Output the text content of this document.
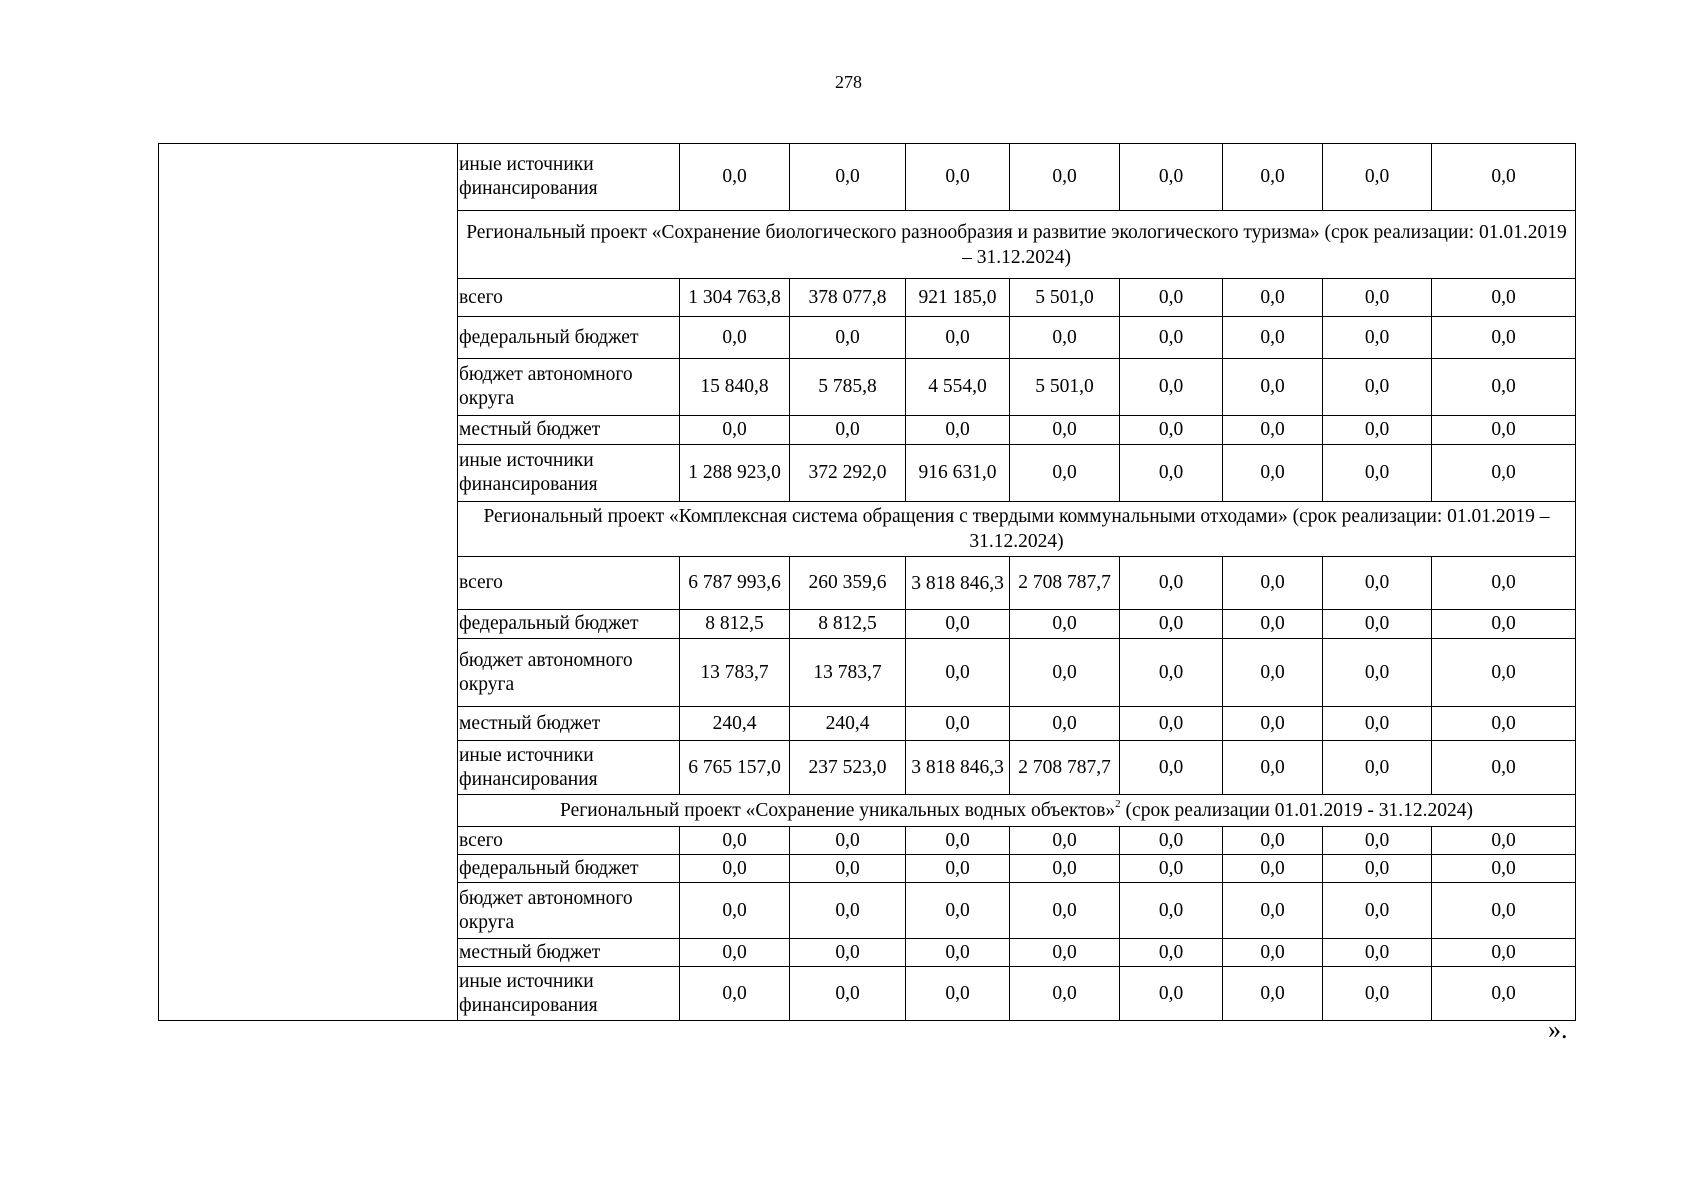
278
	иные источники финансирования	0,0	0,0	0,0	0,0	0,0	0,0	0,0	0,0
	Региональный проект «Сохранение биологического разнообразия и развитие экологического туризма» (срок реализации: 01.01.2019 – 31.12.2024)								
	всего	1 304 763,8	378 077,8	921 185,0	5 501,0	0,0	0,0	0,0	0,0
	федеральный бюджет	0,0	0,0	0,0	0,0	0,0	0,0	0,0	0,0
	бюджет автономного округа	15 840,8	5 785,8	4 554,0	5 501,0	0,0	0,0	0,0	0,0
	местный бюджет	0,0	0,0	0,0	0,0	0,0	0,0	0,0	0,0
	иные источники финансирования	1 288 923,0	372 292,0	916 631,0	0,0	0,0	0,0	0,0	0,0
	Региональный проект «Комплексная система обращения с твердыми коммунальными отходами» (срок реализации: 01.01.2019 – 31.12.2024)								
	всего	6 787 993,6	260 359,6	3 818 846,3	2 708 787,7	0,0	0,0	0,0	0,0
	федеральный бюджет	8 812,5	8 812,5	0,0	0,0	0,0	0,0	0,0	0,0
	бюджет автономного округа	13 783,7	13 783,7	0,0	0,0	0,0	0,0	0,0	0,0
	местный бюджет	240,4	240,4	0,0	0,0	0,0	0,0	0,0	0,0
	иные источники финансирования	6 765 157,0	237 523,0	3 818 846,3	2 708 787,7	0,0	0,0	0,0	0,0
	Региональный проект «Сохранение уникальных водных объектов»$^2$ (срок реализации 01.01.2019 - 31.12.2024)								
	всего	0,0	0,0	0,0	0,0	0,0	0,0	0,0	0,0
	федеральный бюджет	0,0	0,0	0,0	0,0	0,0	0,0	0,0	0,0
	бюджет автономного округа	0,0	0,0	0,0	0,0	0,0	0,0	0,0	0,0
	местный бюджет	0,0	0,0	0,0	0,0	0,0	0,0	0,0	0,0
	иные источники финансирования	0,0	0,0	0,0	0,0	0,0	0,0	0,0	0,0
».
